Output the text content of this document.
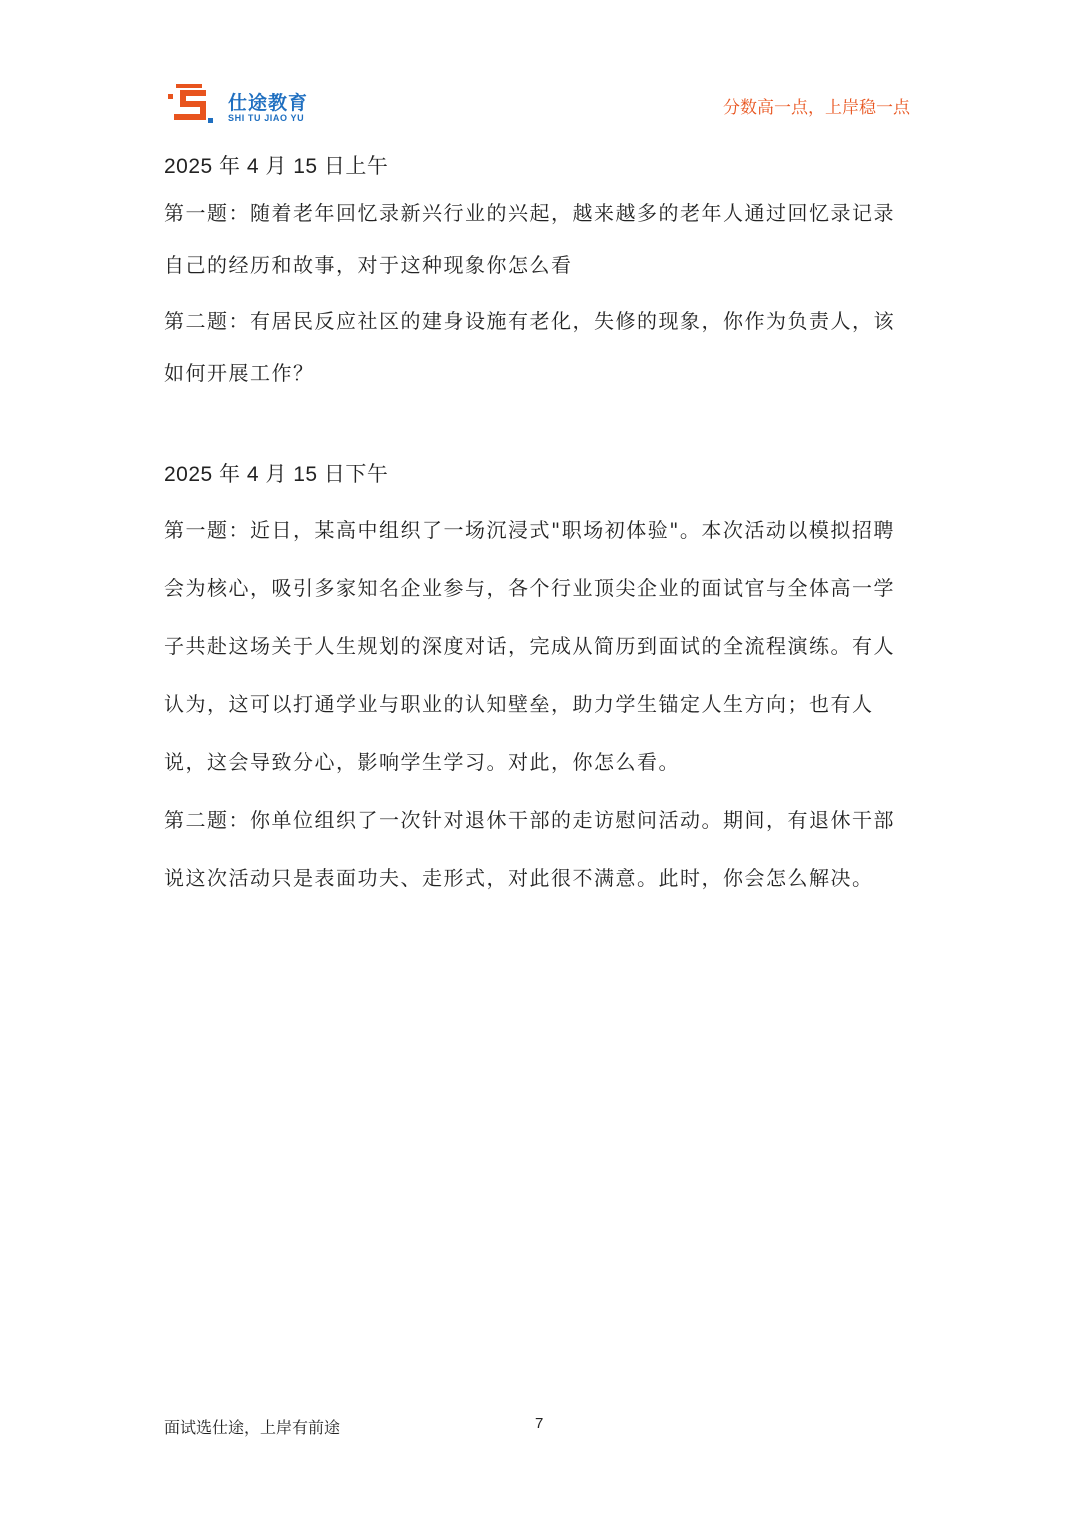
仕途教育
SHI TU JIAO YU	分数高一点，上岸稳一点

2025 年 4 月 15 日上午

第一题：随着老年回忆录新兴行业的兴起，越来越多的老年人通过回忆录记录自己的经历和故事，对于这种现象你怎么看

第二题：有居民反应社区的建身设施有老化，失修的现象，你作为负责人，该如何开展工作？

2025 年 4 月 15 日下午

第一题：近日，某高中组织了一场沉浸式"职场初体验"。本次活动以模拟招聘会为核心，吸引多家知名企业参与，各个行业顶尖企业的面试官与全体高一学子共赴这场关于人生规划的深度对话，完成从简历到面试的全流程演练。有人认为，这可以打通学业与职业的认知壁垒，助力学生锚定人生方向；也有人说，这会导致分心，影响学生学习。对此，你怎么看。

第二题：你单位组织了一次针对退休干部的走访慰问活动。期间，有退休干部说这次活动只是表面功夫、走形式，对此很不满意。此时，你会怎么解决。

面试选仕途，上岸有前途	7
